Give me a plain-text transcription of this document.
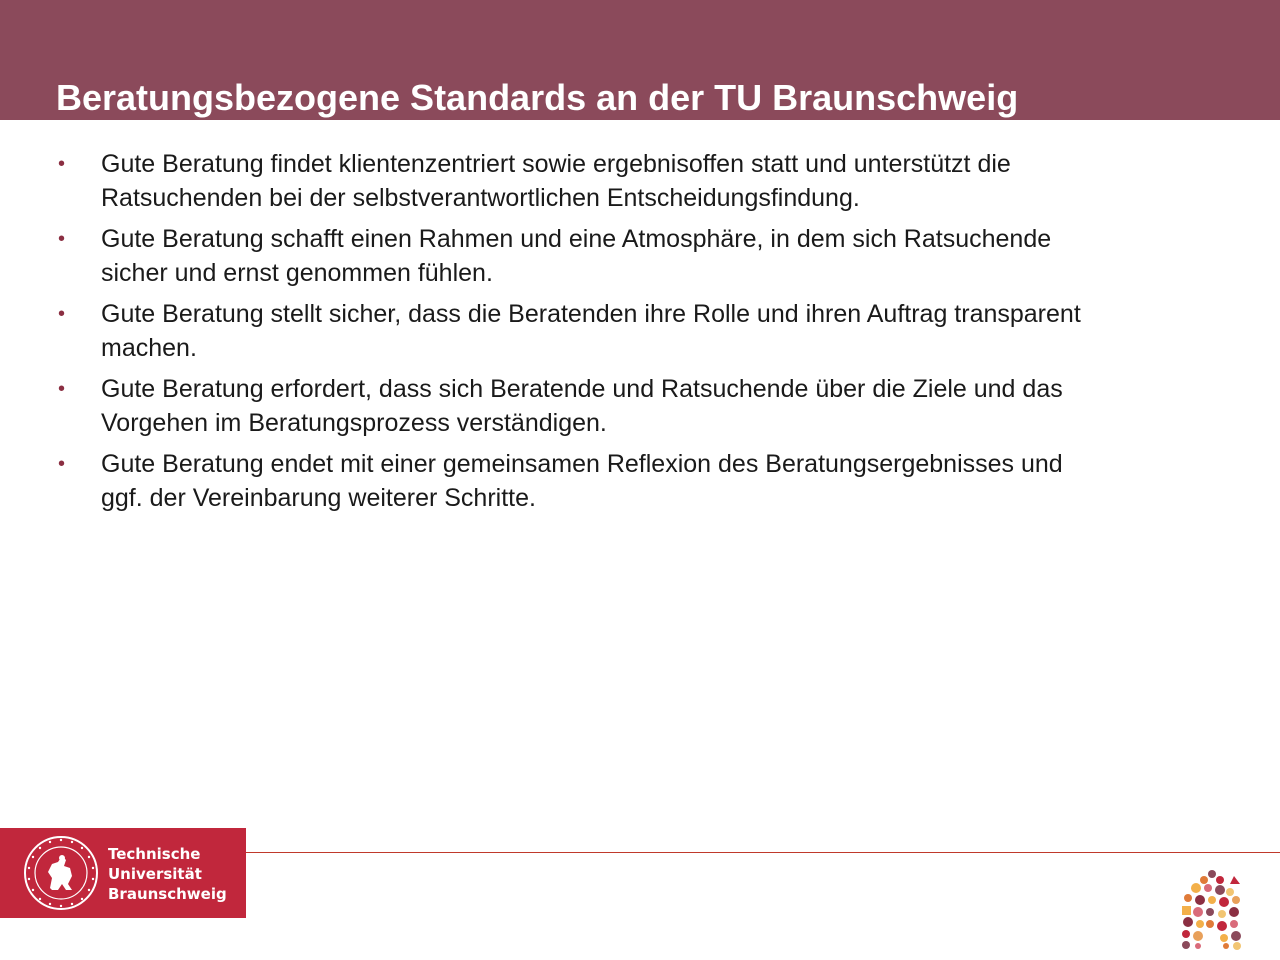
Beratungsbezogene Standards an der TU Braunschweig
• Gute Beratung findet klientenzentriert sowie ergebnisoffen statt und unterstützt die
Ratsuchenden bei der selbstverantwortlichen Entscheidungsfindung.
• Gute Beratung schafft einen Rahmen und eine Atmosphäre, in dem sich Ratsuchende
sicher und ernst genommen fühlen.
• Gute Beratung stellt sicher, dass die Beratenden ihre Rolle und ihren Auftrag transparent
machen.
• Gute Beratung erfordert, dass sich Beratende und Ratsuchende über die Ziele und das
Vorgehen im Beratungsprozess verständigen.
• Gute Beratung endet mit einer gemeinsamen Reflexion des Beratungsergebnisses und
ggf. der Vereinbarung weiterer Schritte.
Technische
Universität
Braunschweig
